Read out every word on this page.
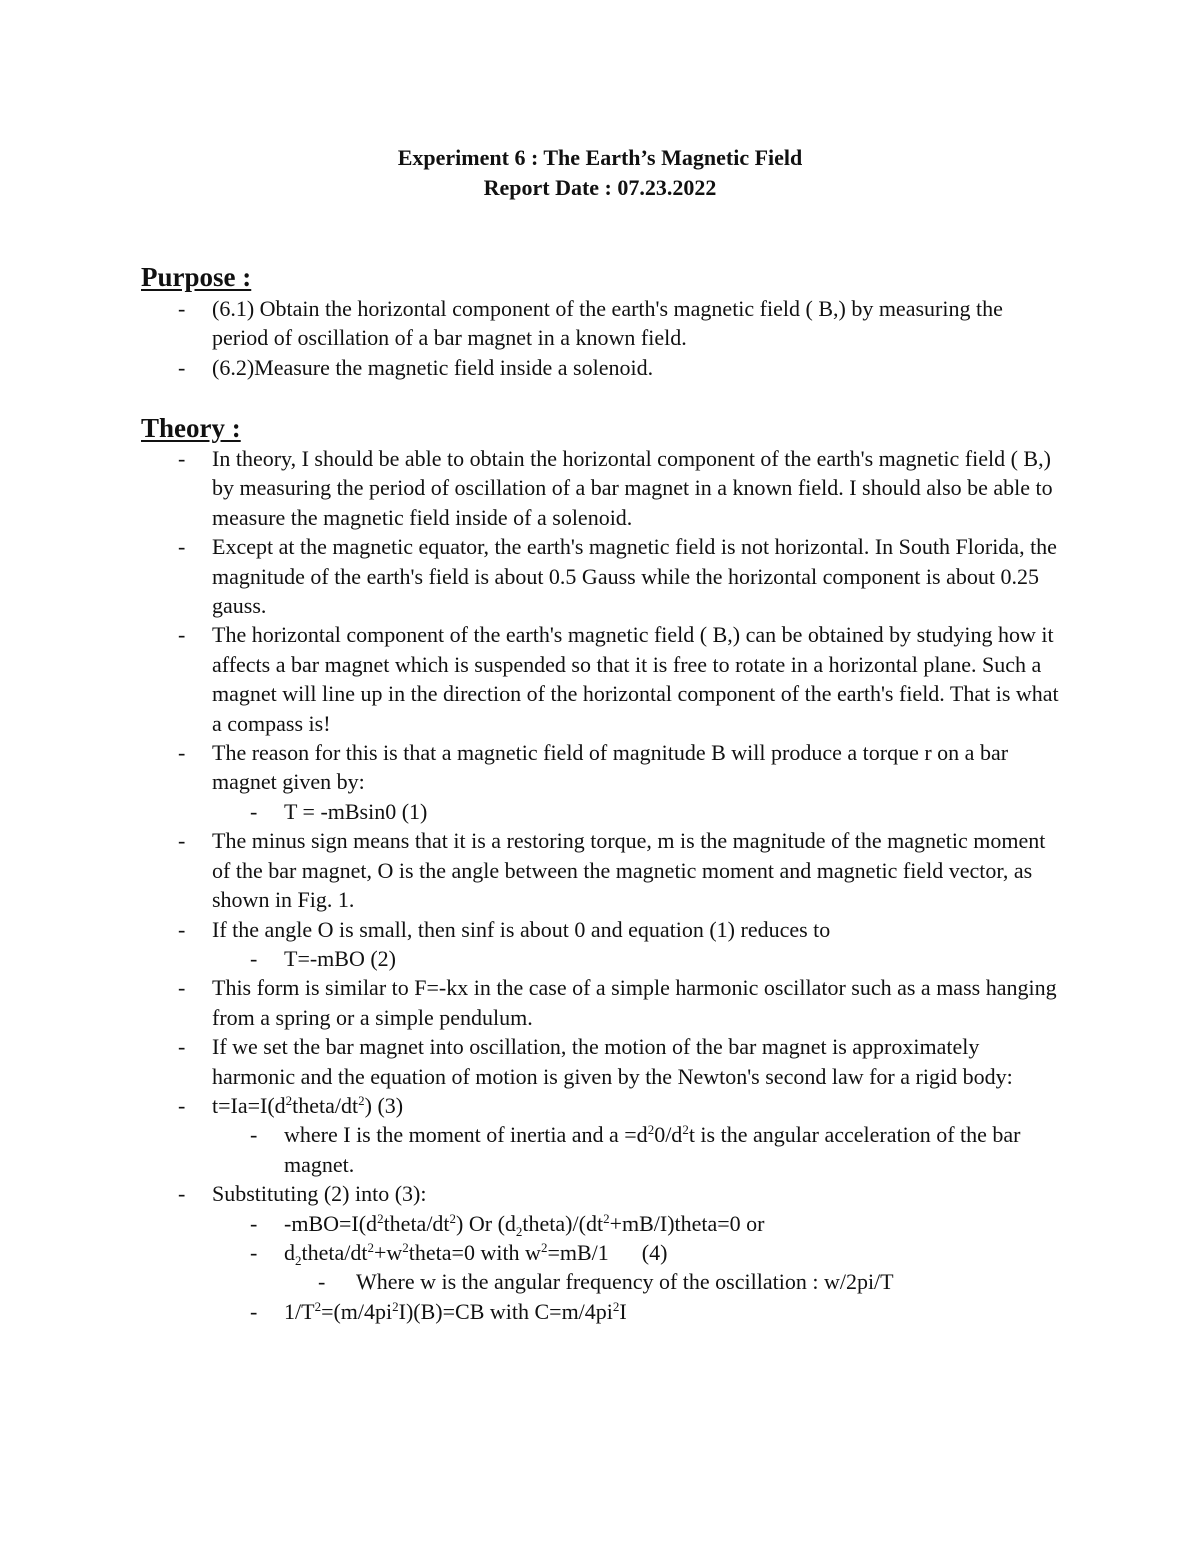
Experiment 6 : The Earth’s Magnetic Field
Report Date : 07.23.2022
Purpose :
- (6.1) Obtain the horizontal component of the earth's magnetic field ( B,) by measuring the period of oscillation of a bar magnet in a known field.
- (6.2)Measure the magnetic field inside a solenoid.
Theory :
- In theory, I should be able to obtain the horizontal component of the earth's magnetic field ( B,) by measuring the period of oscillation of a bar magnet in a known field. I should also be able to measure the magnetic field inside of a solenoid.
- Except at the magnetic equator, the earth's magnetic field is not horizontal. In South Florida, the magnitude of the earth's field is about 0.5 Gauss while the horizontal component is about 0.25 gauss.
- The horizontal component of the earth's magnetic field ( B,) can be obtained by studying how it affects a bar magnet which is suspended so that it is free to rotate in a horizontal plane. Such a magnet will line up in the direction of the horizontal component of the earth's field. That is what a compass is!
- The reason for this is that a magnetic field of magnitude B will produce a torque r on a bar magnet given by:
- T = -mBsin0 (1)
- The minus sign means that it is a restoring torque, m is the magnitude of the magnetic moment of the bar magnet, O is the angle between the magnetic moment and magnetic field vector, as shown in Fig. 1.
- If the angle O is small, then sinf is about 0 and equation (1) reduces to
- T=-mBO (2)
- This form is similar to F=-kx in the case of a simple harmonic oscillator such as a mass hanging from a spring or a simple pendulum.
- If we set the bar magnet into oscillation, the motion of the bar magnet is approximately harmonic and the equation of motion is given by the Newton's second law for a rigid body:
- $t=Ia=I(d^2theta/dt^2)$ (3)
- where I is the moment of inertia and $a =d^20/d^2t$ is the angular acceleration of the bar magnet.
- Substituting (2) into (3):
- $-mBO=I(d^2theta/dt^2)$ Or $(d_2theta)/(dt^2+mB/I)theta=0$ or
- $d_2theta/dt^2+w^2theta=0$ with $w^2=mB/1$      (4)
- Where w is the angular frequency of the oscillation : w/2pi/T
- $1/T^2=(m/4pi^2I)(B)=CB$ with $C=m/4pi^2I$
